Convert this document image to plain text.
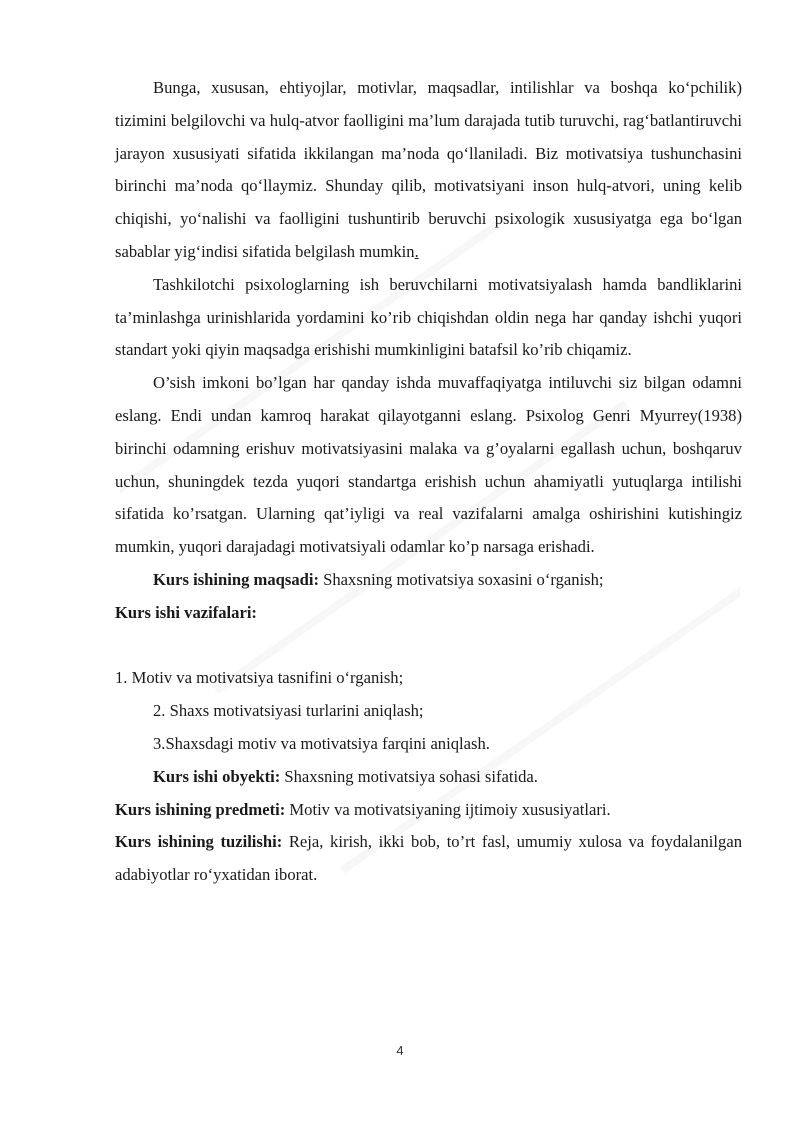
Bunga, xususan, ehtiyojlar, motivlar, maqsadlar, intilishlar va boshqa ko‘pchilik) tizimini belgilovchi va hulq-atvor faolligini ma’lum darajada tutib turuvchi, rag‘batlantiruvchi jarayon xususiyati sifatida ikkilangan ma’noda qo‘llaniladi. Biz motivatsiya tushunchasini birinchi ma’noda qo‘llaymiz. Shunday qilib, motivatsiyani inson hulq-atvori, uning kelib chiqishi, yo‘nalishi va faolligini tushuntirib beruvchi psixologik xususiyatga ega bo‘lgan sabablar yig‘indisi sifatida belgilash mumkin.

Tashkilotchi psixologlarning ish beruvchilarni motivatsiyalash hamda bandliklarini ta’minlashga urinishlarida yordamini ko’rib chiqishdan oldin nega har qanday ishchi yuqori standart yoki qiyin maqsadga erishishi mumkinligini batafsil ko’rib chiqamiz.

O’sish imkoni bo’lgan har qanday ishda muvaffaqiyatga intiluvchi siz bilgan odamni eslang. Endi undan kamroq harakat qilayotganni eslang. Psixolog Genri Myurrey(1938) birinchi odamning erishuv motivatsiyasini malaka va g’oyalarni egallash uchun, boshqaruv uchun, shuningdek tezda yuqori standartga erishish uchun ahamiyatli yutuqlarga intilishi sifatida ko’rsatgan. Ularning qat’iyligi va real vazifalarni amalga oshirishini kutishingiz mumkin, yuqori darajadagi motivatsiyali odamlar ko’p narsaga erishadi.

Kurs ishining maqsadi: Shaxsning motivatsiya soxasini o‘rganish;

Kurs ishi vazifalari:

1. Motiv va motivatsiya tasnifini o‘rganish;

2. Shaxs motivatsiyasi turlarini aniqlash;

3.Shaxsdagi motiv va motivatsiya farqini aniqlash.

Kurs ishi obyekti: Shaxsning motivatsiya sohasi sifatida.

Kurs ishining predmeti: Motiv va motivatsiyaning ijtimoiy xususiyatlari.

Kurs ishining tuzilishi: Reja, kirish, ikki bob, to’rt fasl, umumiy xulosa va foydalanilgan adabiyotlar ro‘yxatidan iborat.

4
